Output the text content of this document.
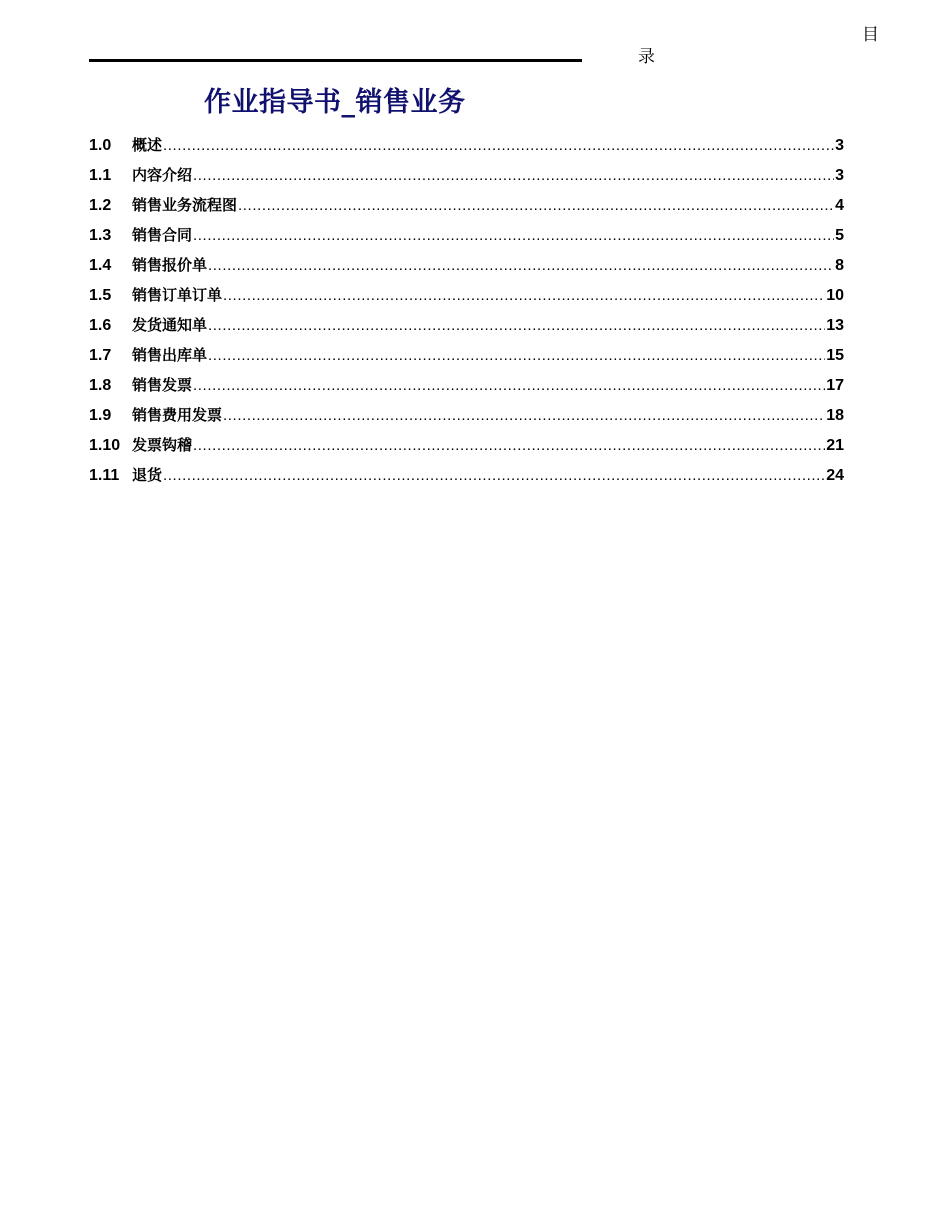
目
录
作业指导书_销售业务
1.0	概述 .....	3
1.1	内容介绍 .....	3
1.2	销售业务流程图 .....	4
1.3	销售合同 .....	5
1.4	销售报价单 .....	8
1.5	销售订单订单 .....	10
1.6	发货通知单 .....	13
1.7	销售出库单 .....	15
1.8	销售发票 .....	17
1.9	销售费用发票 .....	18
1.10 发票钩稽 .....	21
1.11 退货 .....	24
